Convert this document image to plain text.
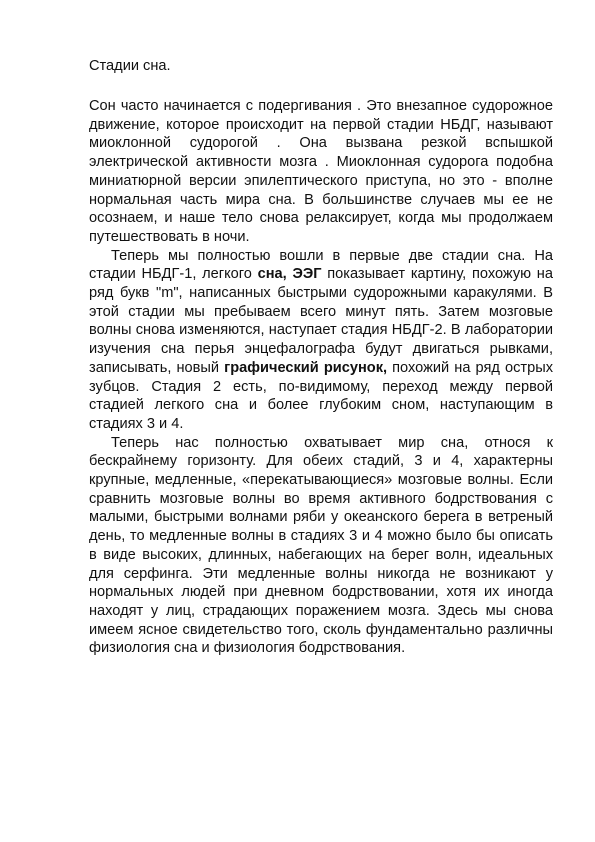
Стадии сна.

Сон часто начинается с подергивания . Это внезапное судорожное движение, которое происходит на первой стадии НБДГ, называют миоклонной судорогой . Она вызвана резкой вспышкой электрической активности мозга . Миоклонная судорога подобна миниатюрной версии эпилептического приступа, но это - вполне нормальная часть мира сна. В большинстве случаев мы ее не осознаем, и наше тело снова релаксирует, когда мы продолжаем путешествовать в ночи.

Теперь мы полностью вошли в первые две стадии сна. На стадии НБДГ-1, легкого сна, ЭЭГ показывает картину, похожую на ряд букв "m", написанных быстрыми судорожными каракулями. В этой стадии мы пребываем всего минут пять. Затем мозговые волны снова изменяются, наступает стадия НБДГ-2. В лаборатории изучения сна перья энцефалографа будут двигаться рывками, записывать, новый графический рисунок, похожий на ряд острых зубцов. Стадия 2 есть, по-видимому, переход между первой стадией легкого сна и более глубоким сном, наступающим в стадиях 3 и 4.

Теперь нас полностью охватывает мир сна, относя к бескрайнему горизонту. Для обеих стадий, 3 и 4, характерны крупные, медленные, «перекатывающиеся» мозговые волны. Если сравнить мозговые волны во время активного бодрствования с малыми, быстрыми волнами ряби у океанского берега в ветреный день, то медленные волны в стадиях 3 и 4 можно было бы описать в виде высоких, длинных, набегающих на берег волн, идеальных для серфинга. Эти медленные волны никогда не возникают у нормальных людей при дневном бодрствовании, хотя их иногда находят у лиц, страдающих поражением мозга. Здесь мы снова имеем ясное свидетельство того, сколь фундаментально различны физиология сна и физиология бодрствования.
